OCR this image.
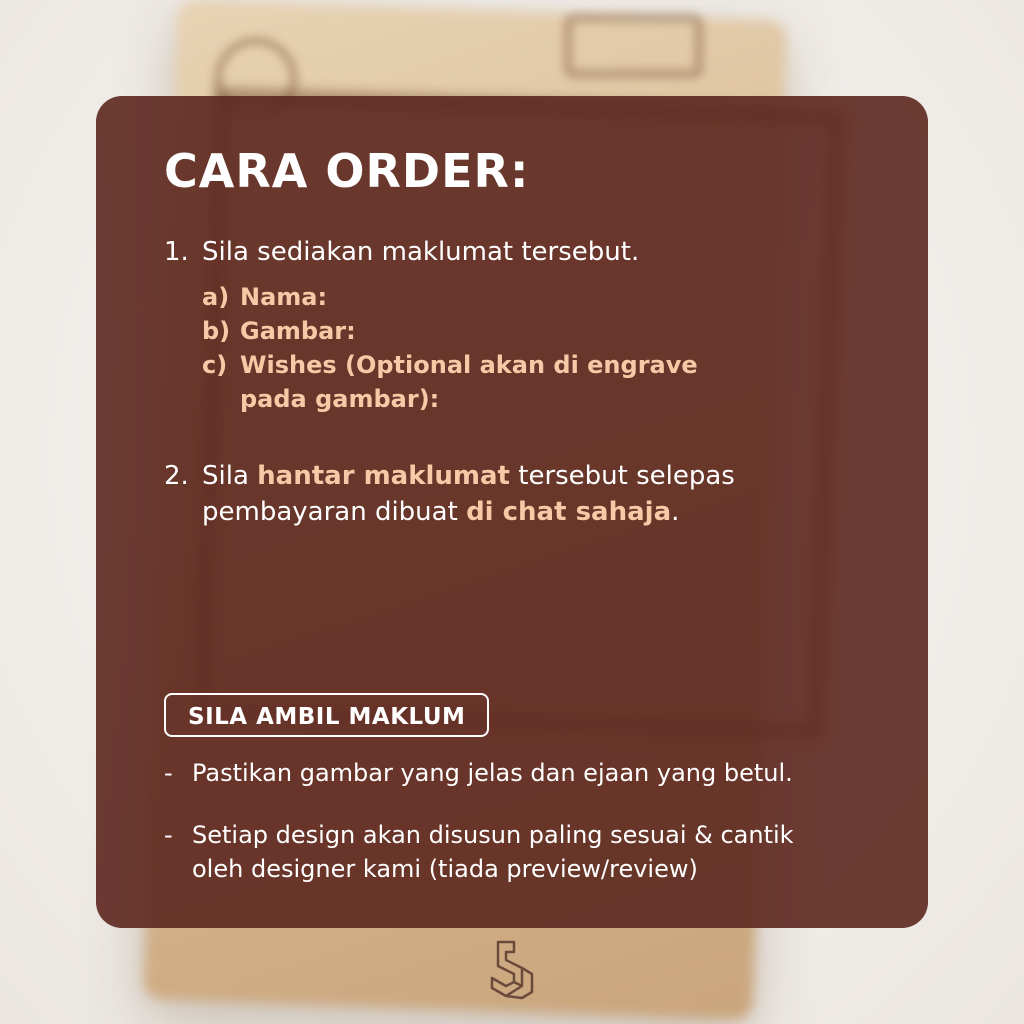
CARA ORDER:
1. Sila sediakan maklumat tersebut.
a) Nama:
b) Gambar:
c) Wishes (Optional akan di engrave pada gambar):
2. Sila hantar maklumat tersebut selepas pembayaran dibuat di chat sahaja.
SILA AMBIL MAKLUM
- Pastikan gambar yang jelas dan ejaan yang betul.
- Setiap design akan disusun paling sesuai & cantik oleh designer kami (tiada preview/review)
